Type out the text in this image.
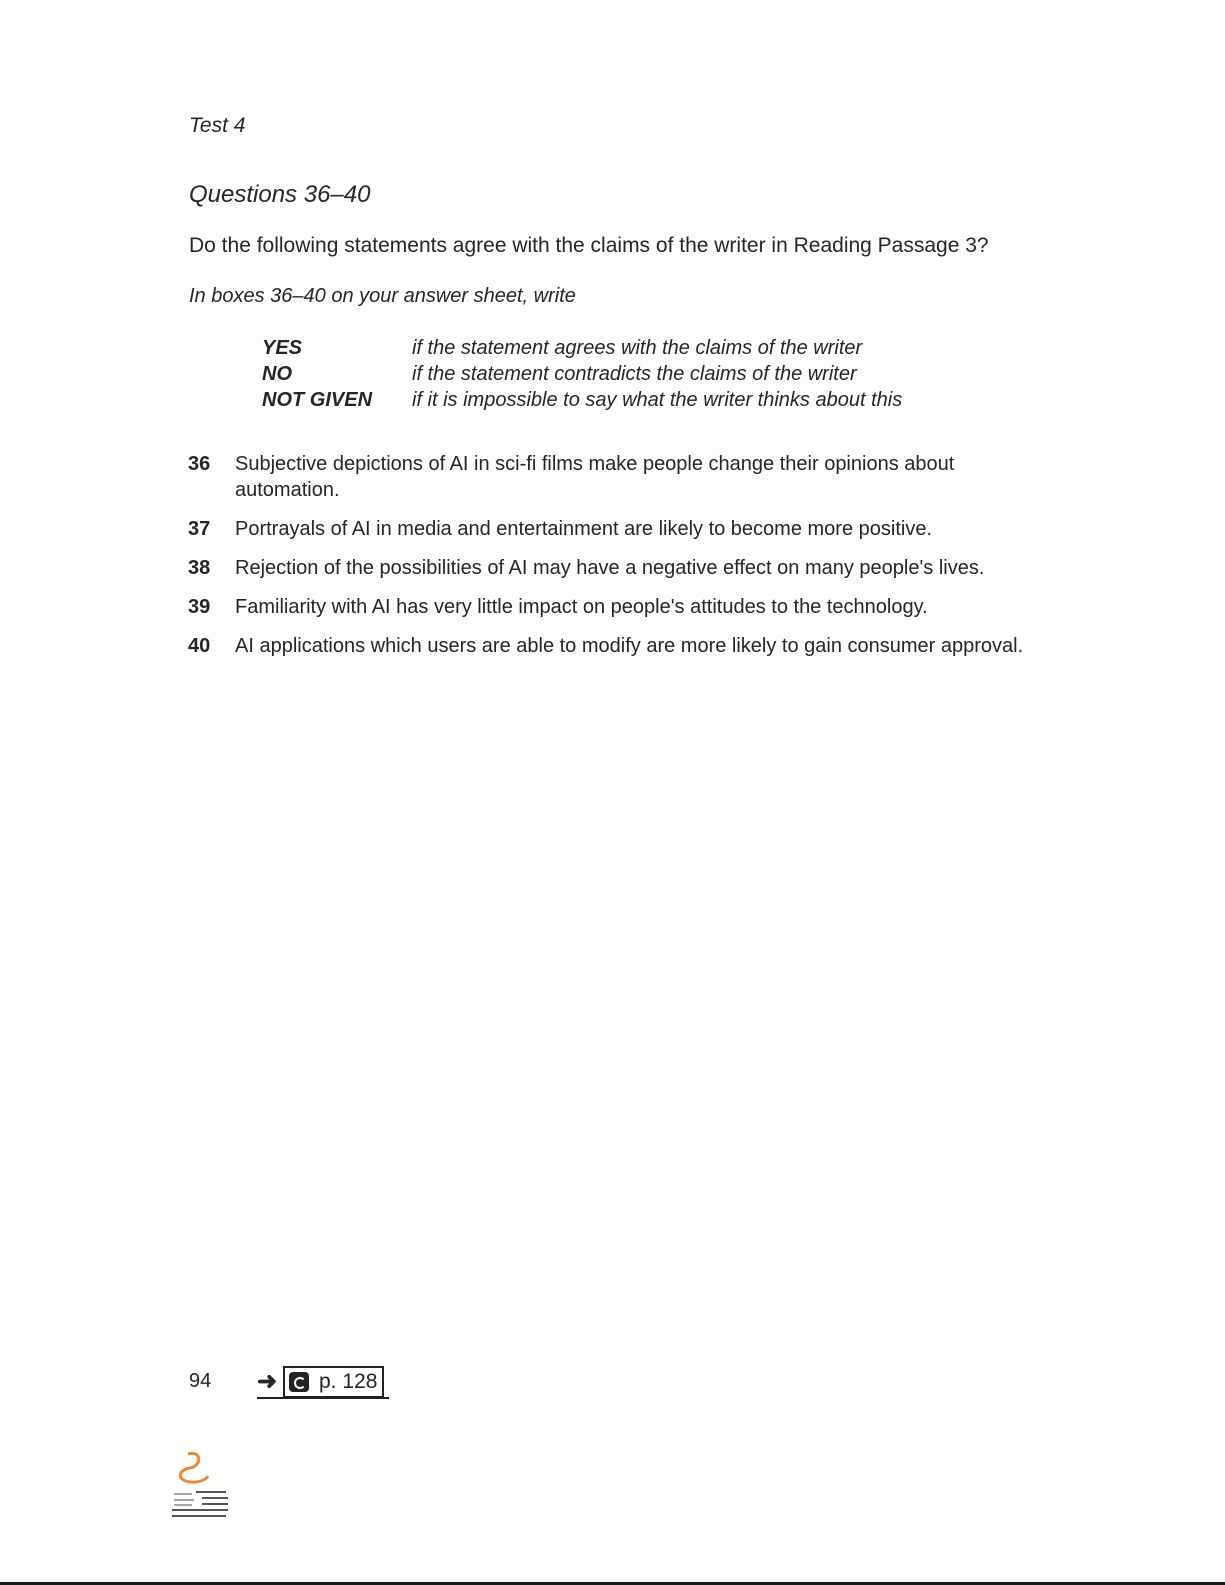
Test 4
Questions 36–40
Do the following statements agree with the claims of the writer in Reading Passage 3?
In boxes 36–40 on your answer sheet, write
YES	if the statement agrees with the claims of the writer
NO	if the statement contradicts the claims of the writer
NOT GIVEN	if it is impossible to say what the writer thinks about this
36	Subjective depictions of AI in sci-fi films make people change their opinions about automation.
37	Portrayals of AI in media and entertainment are likely to become more positive.
38	Rejection of the possibilities of AI may have a negative effect on many people's lives.
39	Familiarity with AI has very little impact on people's attitudes to the technology.
40	AI applications which users are able to modify are more likely to gain consumer approval.
94 ➜ p. 128
